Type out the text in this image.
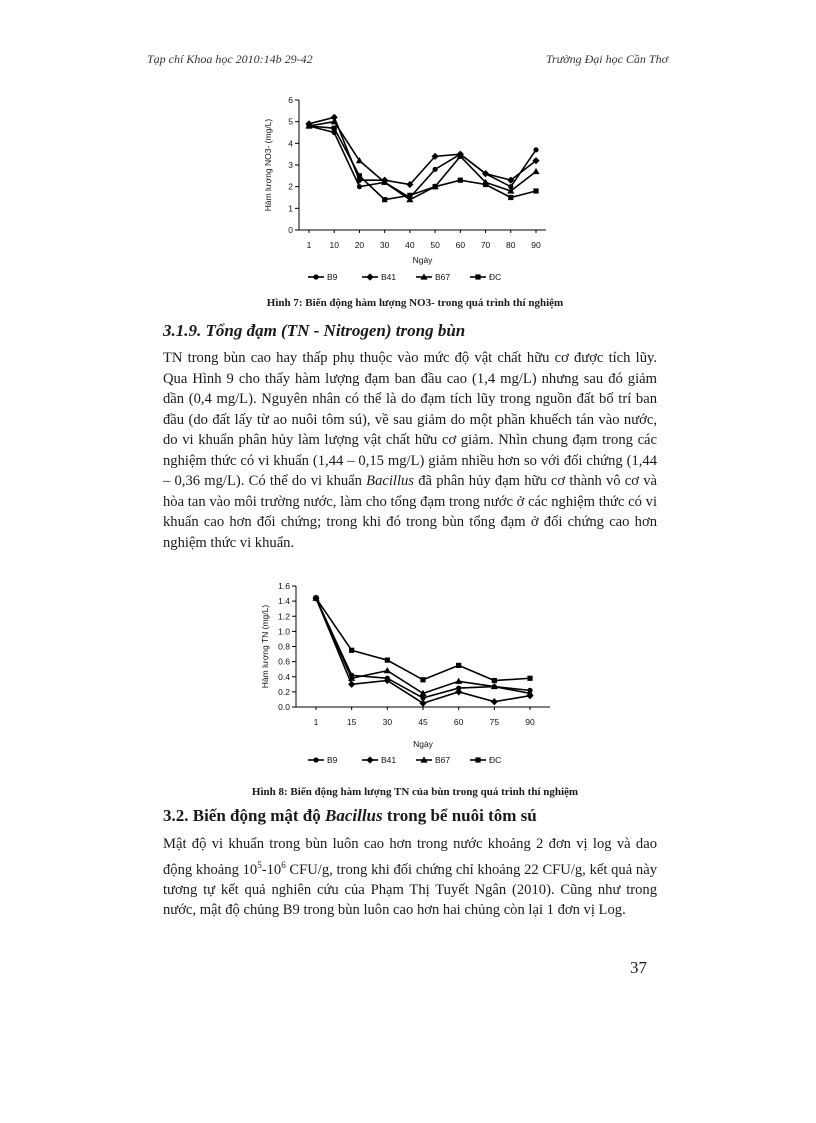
Tạp chí Khoa học 2010:14b 29-42	Trường Đại học Cần Thơ
0
1
2
3
4
5
6
1 10 20 30 40 50 60 70 80 90
Hàm lượng NO3- (mg/L)
Ngày
B9	B41	B67	ĐC
Hình 7: Biến động hàm lượng NO3- trong quá trình thí nghiệm
3.1.9. Tổng đạm (TN - Nitrogen) trong bùn
TN trong bùn cao hay thấp phụ thuộc vào mức độ vật chất hữu cơ được tích lũy. Qua Hình 9 cho thấy hàm lượng đạm ban đầu cao (1,4 mg/L) nhưng sau đó giảm dần (0,4 mg/L). Nguyên nhân có thể là do đạm tích lũy trong nguồn đất bố trí ban đầu (do đất lấy từ ao nuôi tôm sú), về sau giảm do một phần khuếch tán vào nước, do vi khuẩn phân hủy làm lượng vật chất hữu cơ giảm. Nhìn chung đạm trong các nghiệm thức có vi khuẩn (1,44 – 0,15 mg/L) giảm nhiều hơn so với đối chứng (1,44 – 0,36 mg/L). Có thể do vi khuẩn Bacillus đã phân hủy đạm hữu cơ thành vô cơ và hòa tan vào môi trường nước, làm cho tổng đạm trong nước ở các nghiệm thức có vi khuẩn cao hơn đối chứng; trong khi đó trong bùn tổng đạm ở đối chứng cao hơn nghiệm thức vi khuẩn.
0.0
0.2
0.4
0.6
0.8
1.0
1.2
1.4
1.6
1	15	30	45	60	75	90
Hàm lượng TN (mg/L)
Ngày
B9	B41	B67	ĐC
Hình 8: Biến động hàm lượng TN của bùn trong quá trình thí nghiệm
3.2. Biến động mật độ Bacillus trong bể nuôi tôm sú
Mật độ vi khuẩn trong bùn luôn cao hơn trong nước khoảng 2 đơn vị log và dao động khoảng $10^5-10^6$ CFU/g, trong khi đối chứng chỉ khoảng 22 CFU/g, kết quả này tương tự kết quả nghiên cứu của Phạm Thị Tuyết Ngân (2010). Cũng như trong nước, mật độ chủng B9 trong bùn luôn cao hơn hai chủng còn lại 1 đơn vị Log.
37
